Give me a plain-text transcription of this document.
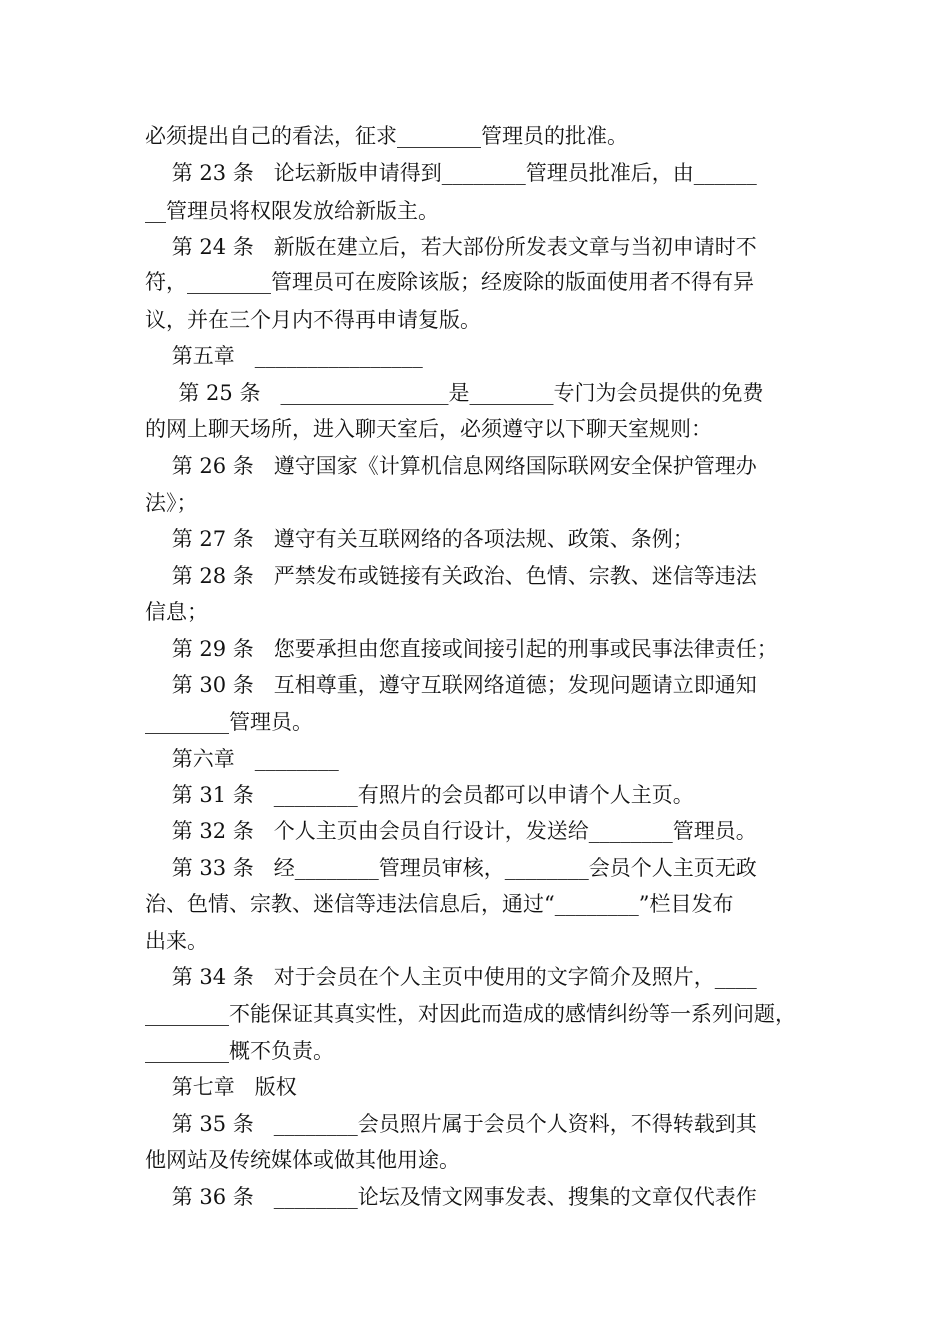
必须提出自己的看法，征求________管理员的批准。
第 23 条   论坛新版申请得到________管理员批准后，由______
__管理员将权限发放给新版主。
第 24 条   新版在建立后，若大部份所发表文章与当初申请时不
符，________管理员可在废除该版；经废除的版面使用者不得有异
议，并在三个月内不得再申请复版。
第五章   ________________
第 25 条   ________________是________专门为会员提供的免费
的网上聊天场所，进入聊天室后，必须遵守以下聊天室规则：
第 26 条   遵守国家《计算机信息网络国际联网安全保护管理办
法》；
第 27 条   遵守有关互联网络的各项法规、政策、条例；
第 28 条   严禁发布或链接有关政治、色情、宗教、迷信等违法
信息；
第 29 条   您要承担由您直接或间接引起的刑事或民事法律责任；
第 30 条   互相尊重，遵守互联网络道德；发现问题请立即通知
________管理员。
第六章   ________
第 31 条   ________有照片的会员都可以申请个人主页。
第 32 条   个人主页由会员自行设计，发送给________管理员。
第 33 条   经________管理员审核，________会员个人主页无政
治、色情、宗教、迷信等违法信息后，通过“________”栏目发布
出来。
第 34 条   对于会员在个人主页中使用的文字简介及照片，____
________不能保证其真实性，对因此而造成的感情纠纷等一系列问题，
________概不负责。
第七章   版权
第 35 条   ________会员照片属于会员个人资料，不得转载到其
他网站及传统媒体或做其他用途。
第 36 条   ________论坛及情文网事发表、搜集的文章仅代表作
